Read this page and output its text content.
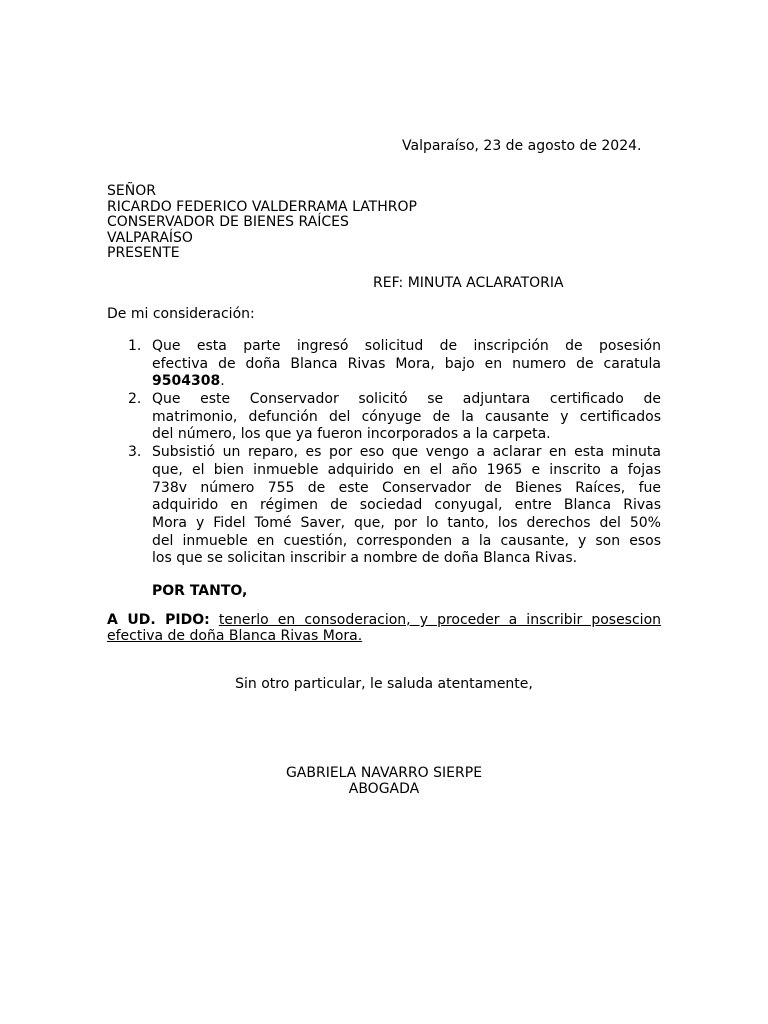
Valparaíso, 23 de agosto de 2024.
SEÑOR
RICARDO FEDERICO VALDERRAMA LATHROP
CONSERVADOR DE BIENES RAÍCES
VALPARAÍSO
PRESENTE
REF: MINUTA ACLARATORIA
De mi consideración:
1. Que esta parte ingresó solicitud de inscripción de posesión
efectiva de doña Blanca Rivas Mora, bajo en numero de caratula
9504308.
2. Que este Conservador solicitó se adjuntara certificado de
matrimonio, defunción del cónyuge de la causante y certificados
del número, los que ya fueron incorporados a la carpeta.
3. Subsistió un reparo, es por eso que vengo a aclarar en esta minuta
que, el bien inmueble adquirido en el año 1965 e inscrito a fojas
738v número 755 de este Conservador de Bienes Raíces, fue
adquirido en régimen de sociedad conyugal, entre Blanca Rivas
Mora y Fidel Tomé Saver, que, por lo tanto, los derechos del 50%
del inmueble en cuestión, corresponden a la causante, y son esos
los que se solicitan inscribir a nombre de doña Blanca Rivas.
POR TANTO,
A UD. PIDO: tenerlo en consoderacion, y proceder a inscribir posescion
efectiva de doña Blanca Rivas Mora.
Sin otro particular, le saluda atentamente,
GABRIELA NAVARRO SIERPE
ABOGADA
